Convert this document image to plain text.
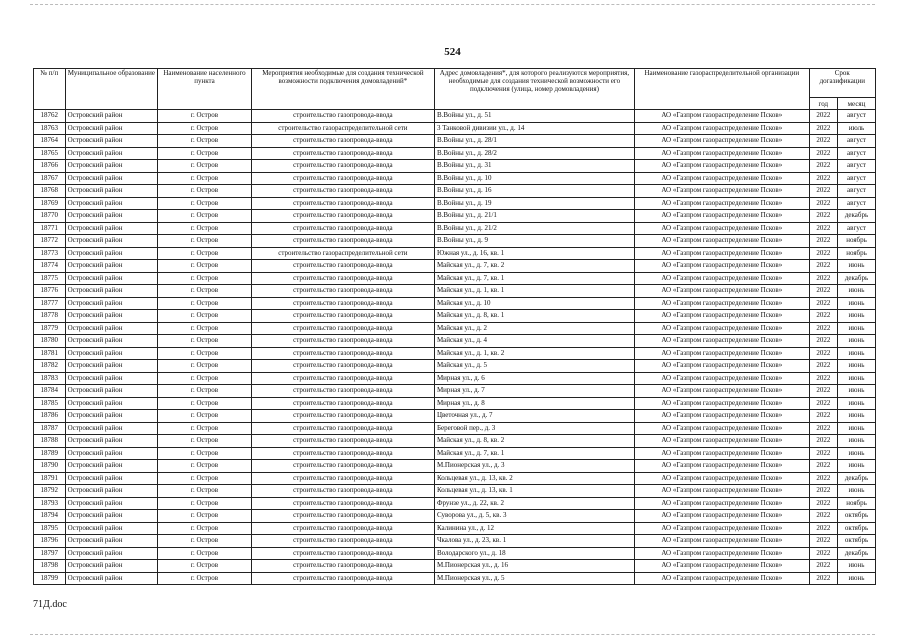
524
№ п/п	Муниципальное образование	Наименование населенного пункта	Мероприятия необходимые для создания технической возможности подключения домовладений*	Адрес домовладения*, для которого реализуются мероприятия, необходимые для создания технической возможности его подключения (улица, номер домовладения)	Наименование газораспределительной организации	Срок догазификации	
						год	месяц
18762	Островский район	г. Остров	строительство газопровода-ввода	В.Войны ул., д. 51	АО «Газпром газораспределение Псков»	2022	август
18763	Островский район	г. Остров	строительство газораспределительной сети	3 Танковой дивизии ул., д. 14	АО «Газпром газораспределение Псков»	2022	июль
18764	Островский район	г. Остров	строительство газопровода-ввода	В.Войны ул., д. 28/1	АО «Газпром газораспределение Псков»	2022	август
18765	Островский район	г. Остров	строительство газопровода-ввода	В.Войны ул., д. 28/2	АО «Газпром газораспределение Псков»	2022	август
18766	Островский район	г. Остров	строительство газопровода-ввода	В.Войны ул., д. 31	АО «Газпром газораспределение Псков»	2022	август
18767	Островский район	г. Остров	строительство газопровода-ввода	В.Войны ул., д. 10	АО «Газпром газораспределение Псков»	2022	август
18768	Островский район	г. Остров	строительство газопровода-ввода	В.Войны ул., д. 16	АО «Газпром газораспределение Псков»	2022	август
18769	Островский район	г. Остров	строительство газопровода-ввода	В.Войны ул., д. 19	АО «Газпром газораспределение Псков»	2022	август
18770	Островский район	г. Остров	строительство газопровода-ввода	В.Войны ул., д. 21/1	АО «Газпром газораспределение Псков»	2022	декабрь
18771	Островский район	г. Остров	строительство газопровода-ввода	В.Войны ул., д. 21/2	АО «Газпром газораспределение Псков»	2022	август
18772	Островский район	г. Остров	строительство газопровода-ввода	В.Войны ул., д. 9	АО «Газпром газораспределение Псков»	2022	ноябрь
18773	Островский район	г. Остров	строительство газораспределительной сети	Южная ул., д. 16, кв. 1	АО «Газпром газораспределение Псков»	2022	ноябрь
18774	Островский район	г. Остров	строительство газопровода-ввода	Майская ул., д. 7, кв. 2	АО «Газпром газораспределение Псков»	2022	июнь
18775	Островский район	г. Остров	строительство газопровода-ввода	Майская ул., д. 7, кв. 1	АО «Газпром газораспределение Псков»	2022	декабрь
18776	Островский район	г. Остров	строительство газопровода-ввода	Майская ул., д. 1, кв. 1	АО «Газпром газораспределение Псков»	2022	июнь
18777	Островский район	г. Остров	строительство газопровода-ввода	Майская ул., д. 10	АО «Газпром газораспределение Псков»	2022	июнь
18778	Островский район	г. Остров	строительство газопровода-ввода	Майская ул., д. 8, кв. 1	АО «Газпром газораспределение Псков»	2022	июнь
18779	Островский район	г. Остров	строительство газопровода-ввода	Майская ул., д. 2	АО «Газпром газораспределение Псков»	2022	июнь
18780	Островский район	г. Остров	строительство газопровода-ввода	Майская ул., д. 4	АО «Газпром газораспределение Псков»	2022	июнь
18781	Островский район	г. Остров	строительство газопровода-ввода	Майская ул., д. 1, кв. 2	АО «Газпром газораспределение Псков»	2022	июнь
18782	Островский район	г. Остров	строительство газопровода-ввода	Майская ул., д. 5	АО «Газпром газораспределение Псков»	2022	июнь
18783	Островский район	г. Остров	строительство газопровода-ввода	Мирная ул., д. 6	АО «Газпром газораспределение Псков»	2022	июнь
18784	Островский район	г. Остров	строительство газопровода-ввода	Мирная ул., д. 7	АО «Газпром газораспределение Псков»	2022	июнь
18785	Островский район	г. Остров	строительство газопровода-ввода	Мирная ул., д. 8	АО «Газпром газораспределение Псков»	2022	июнь
18786	Островский район	г. Остров	строительство газопровода-ввода	Цветочная ул., д. 7	АО «Газпром газораспределение Псков»	2022	июнь
18787	Островский район	г. Остров	строительство газопровода-ввода	Береговой пер., д. 3	АО «Газпром газораспределение Псков»	2022	июнь
18788	Островский район	г. Остров	строительство газопровода-ввода	Майская ул., д. 8, кв. 2	АО «Газпром газораспределение Псков»	2022	июнь
18789	Островский район	г. Остров	строительство газопровода-ввода	Майская ул., д. 7, кв. 1	АО «Газпром газораспределение Псков»	2022	июнь
18790	Островский район	г. Остров	строительство газопровода-ввода	М.Пионерская ул., д. 3	АО «Газпром газораспределение Псков»	2022	июнь
18791	Островский район	г. Остров	строительство газопровода-ввода	Кольцевая ул., д. 13, кв. 2	АО «Газпром газораспределение Псков»	2022	декабрь
18792	Островский район	г. Остров	строительство газопровода-ввода	Кольцевая ул., д. 13, кв. 1	АО «Газпром газораспределение Псков»	2022	июнь
18793	Островский район	г. Остров	строительство газопровода-ввода	Фрунзе ул., д. 22, кв. 2	АО «Газпром газораспределение Псков»	2022	ноябрь
18794	Островский район	г. Остров	строительство газопровода-ввода	Суворова ул., д. 5, кв. 3	АО «Газпром газораспределение Псков»	2022	октябрь
18795	Островский район	г. Остров	строительство газопровода-ввода	Калинина ул., д. 12	АО «Газпром газораспределение Псков»	2022	октябрь
18796	Островский район	г. Остров	строительство газопровода-ввода	Чкалова ул., д. 23, кв. 1	АО «Газпром газораспределение Псков»	2022	октябрь
18797	Островский район	г. Остров	строительство газопровода-ввода	Володарского ул., д. 18	АО «Газпром газораспределение Псков»	2022	декабрь
18798	Островский район	г. Остров	строительство газопровода-ввода	М.Пионерская ул., д. 16	АО «Газпром газораспределение Псков»	2022	июнь
18799	Островский район	г. Остров	строительство газопровода-ввода	М.Пионерская ул., д. 5	АО «Газпром газораспределение Псков»	2022	июнь
71Д.doc
